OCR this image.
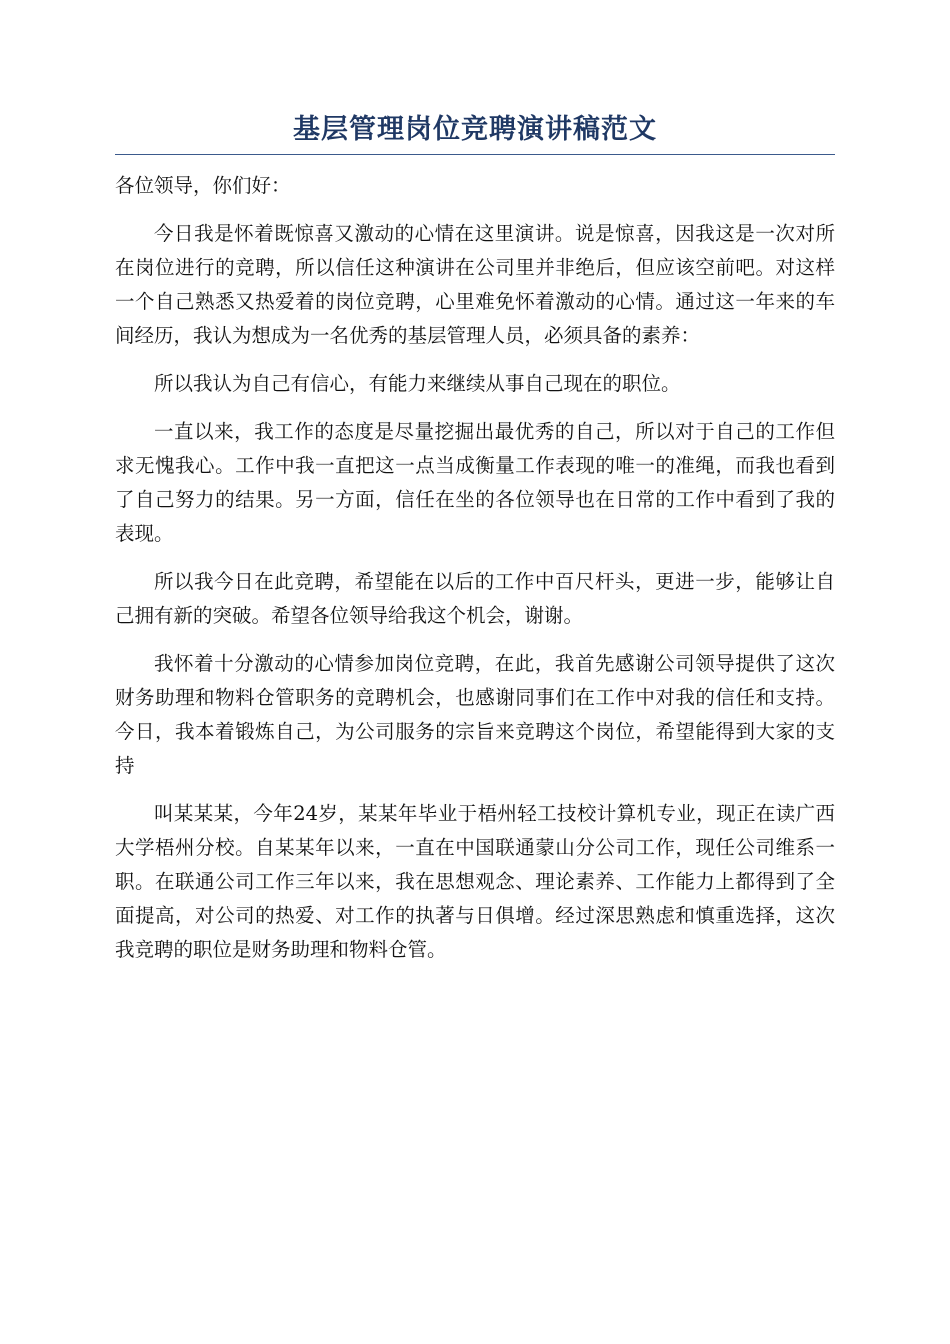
基层管理岗位竞聘演讲稿范文

各位领导，你们好：

今日我是怀着既惊喜又激动的心情在这里演讲。说是惊喜，因我这是一次对所在岗位进行的竞聘，所以信任这种演讲在公司里并非绝后，但应该空前吧。对这样一个自己熟悉又热爱着的岗位竞聘，心里难免怀着激动的心情。通过这一年来的车间经历，我认为想成为一名优秀的基层管理人员，必须具备的素养：

所以我认为自己有信心，有能力来继续从事自己现在的职位。

一直以来，我工作的态度是尽量挖掘出最优秀的自己，所以对于自己的工作但求无愧我心。工作中我一直把这一点当成衡量工作表现的唯一的准绳，而我也看到了自己努力的结果。另一方面，信任在坐的各位领导也在日常的工作中看到了我的表现。

所以我今日在此竞聘，希望能在以后的工作中百尺杆头，更进一步，能够让自己拥有新的突破。希望各位领导给我这个机会，谢谢。

我怀着十分激动的心情参加岗位竞聘，在此，我首先感谢公司领导提供了这次财务助理和物料仓管职务的竞聘机会，也感谢同事们在工作中对我的信任和支持。今日，我本着锻炼自己，为公司服务的宗旨来竞聘这个岗位，希望能得到大家的支持

叫某某某，今年24岁，某某年毕业于梧州轻工技校计算机专业，现正在读广西大学梧州分校。自某某年以来，一直在中国联通蒙山分公司工作，现任公司维系一职。在联通公司工作三年以来，我在思想观念、理论素养、工作能力上都得到了全面提高，对公司的热爱、对工作的执著与日俱增。经过深思熟虑和慎重选择，这次我竞聘的职位是财务助理和物料仓管。
